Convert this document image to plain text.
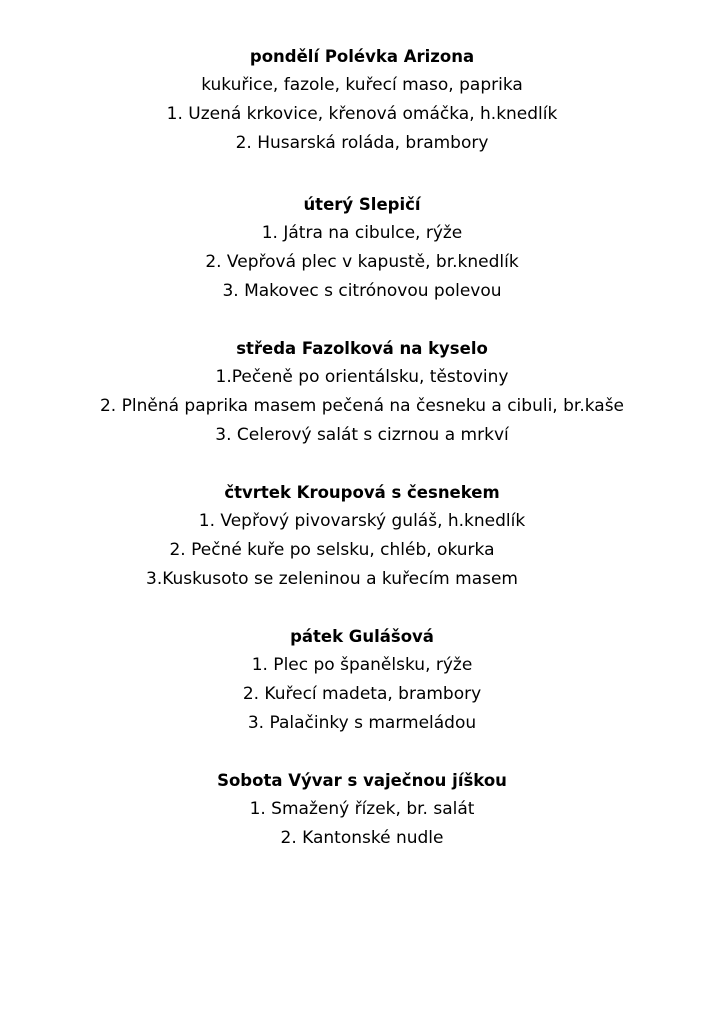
pondělí Polévka Arizona
kukuřice, fazole, kuřecí maso, paprika
1. Uzená krkovice, křenová omáčka, h.knedlík
2. Husarská roláda, brambory
úterý Slepičí
1. Játra na cibulce, rýže
2. Vepřová plec v kapustě, br.knedlík
3. Makovec s citrónovou polevou
středa Fazolková na kyselo
1.Pečeně po orientálsku, těstoviny
2. Plněná paprika masem pečená na česneku a cibuli, br.kaše
3. Celerový salát s cizrnou a mrkví
čtvrtek Kroupová s česnekem
1. Vepřový pivovarský guláš, h.knedlík
2. Pečné kuře po selsku, chléb, okurka
3.Kuskusoto se zeleninou a kuřecím masem
pátek Gulášová
1. Plec po španělsku, rýže
2. Kuřecí madeta, brambory
3. Palačinky s marmeládou
Sobota Vývar s vaječnou jíškou
1. Smažený řízek, br. salát
2. Kantonské nudle
